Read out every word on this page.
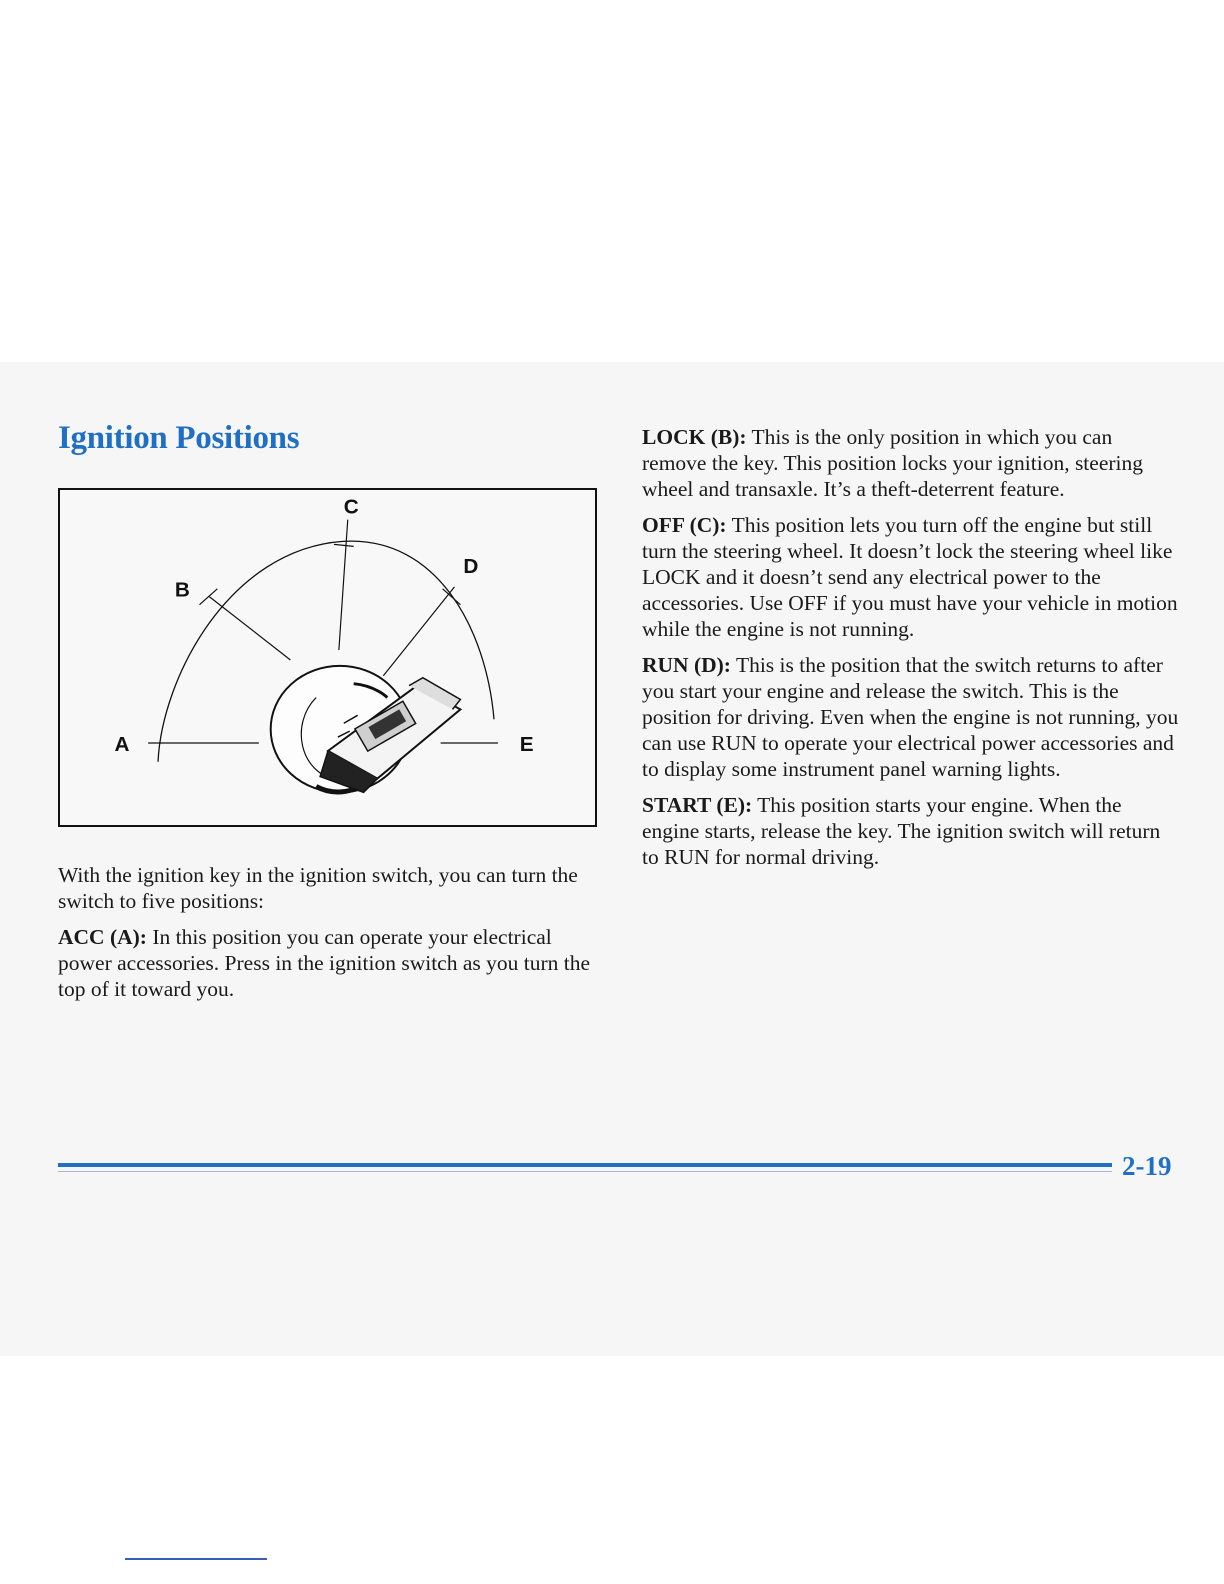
Ignition Positions
A
B
C
D
E

With the ignition key in the ignition switch, you can turn the switch to five positions:

ACC (A): In this position you can operate your electrical power accessories. Press in the ignition switch as you turn the top of it toward you.

LOCK (B): This is the only position in which you can remove the key. This position locks your ignition, steering wheel and transaxle. It’s a theft-deterrent feature.

OFF (C): This position lets you turn off the engine but still turn the steering wheel. It doesn’t lock the steering wheel like LOCK and it doesn’t send any electrical power to the accessories. Use OFF if you must have your vehicle in motion while the engine is not running.

RUN (D): This is the position that the switch returns to after you start your engine and release the switch. This is the position for driving. Even when the engine is not running, you can use RUN to operate your electrical power accessories and to display some instrument panel warning lights.

START (E): This position starts your engine. When the engine starts, release the key. The ignition switch will return to RUN for normal driving.

2-19
